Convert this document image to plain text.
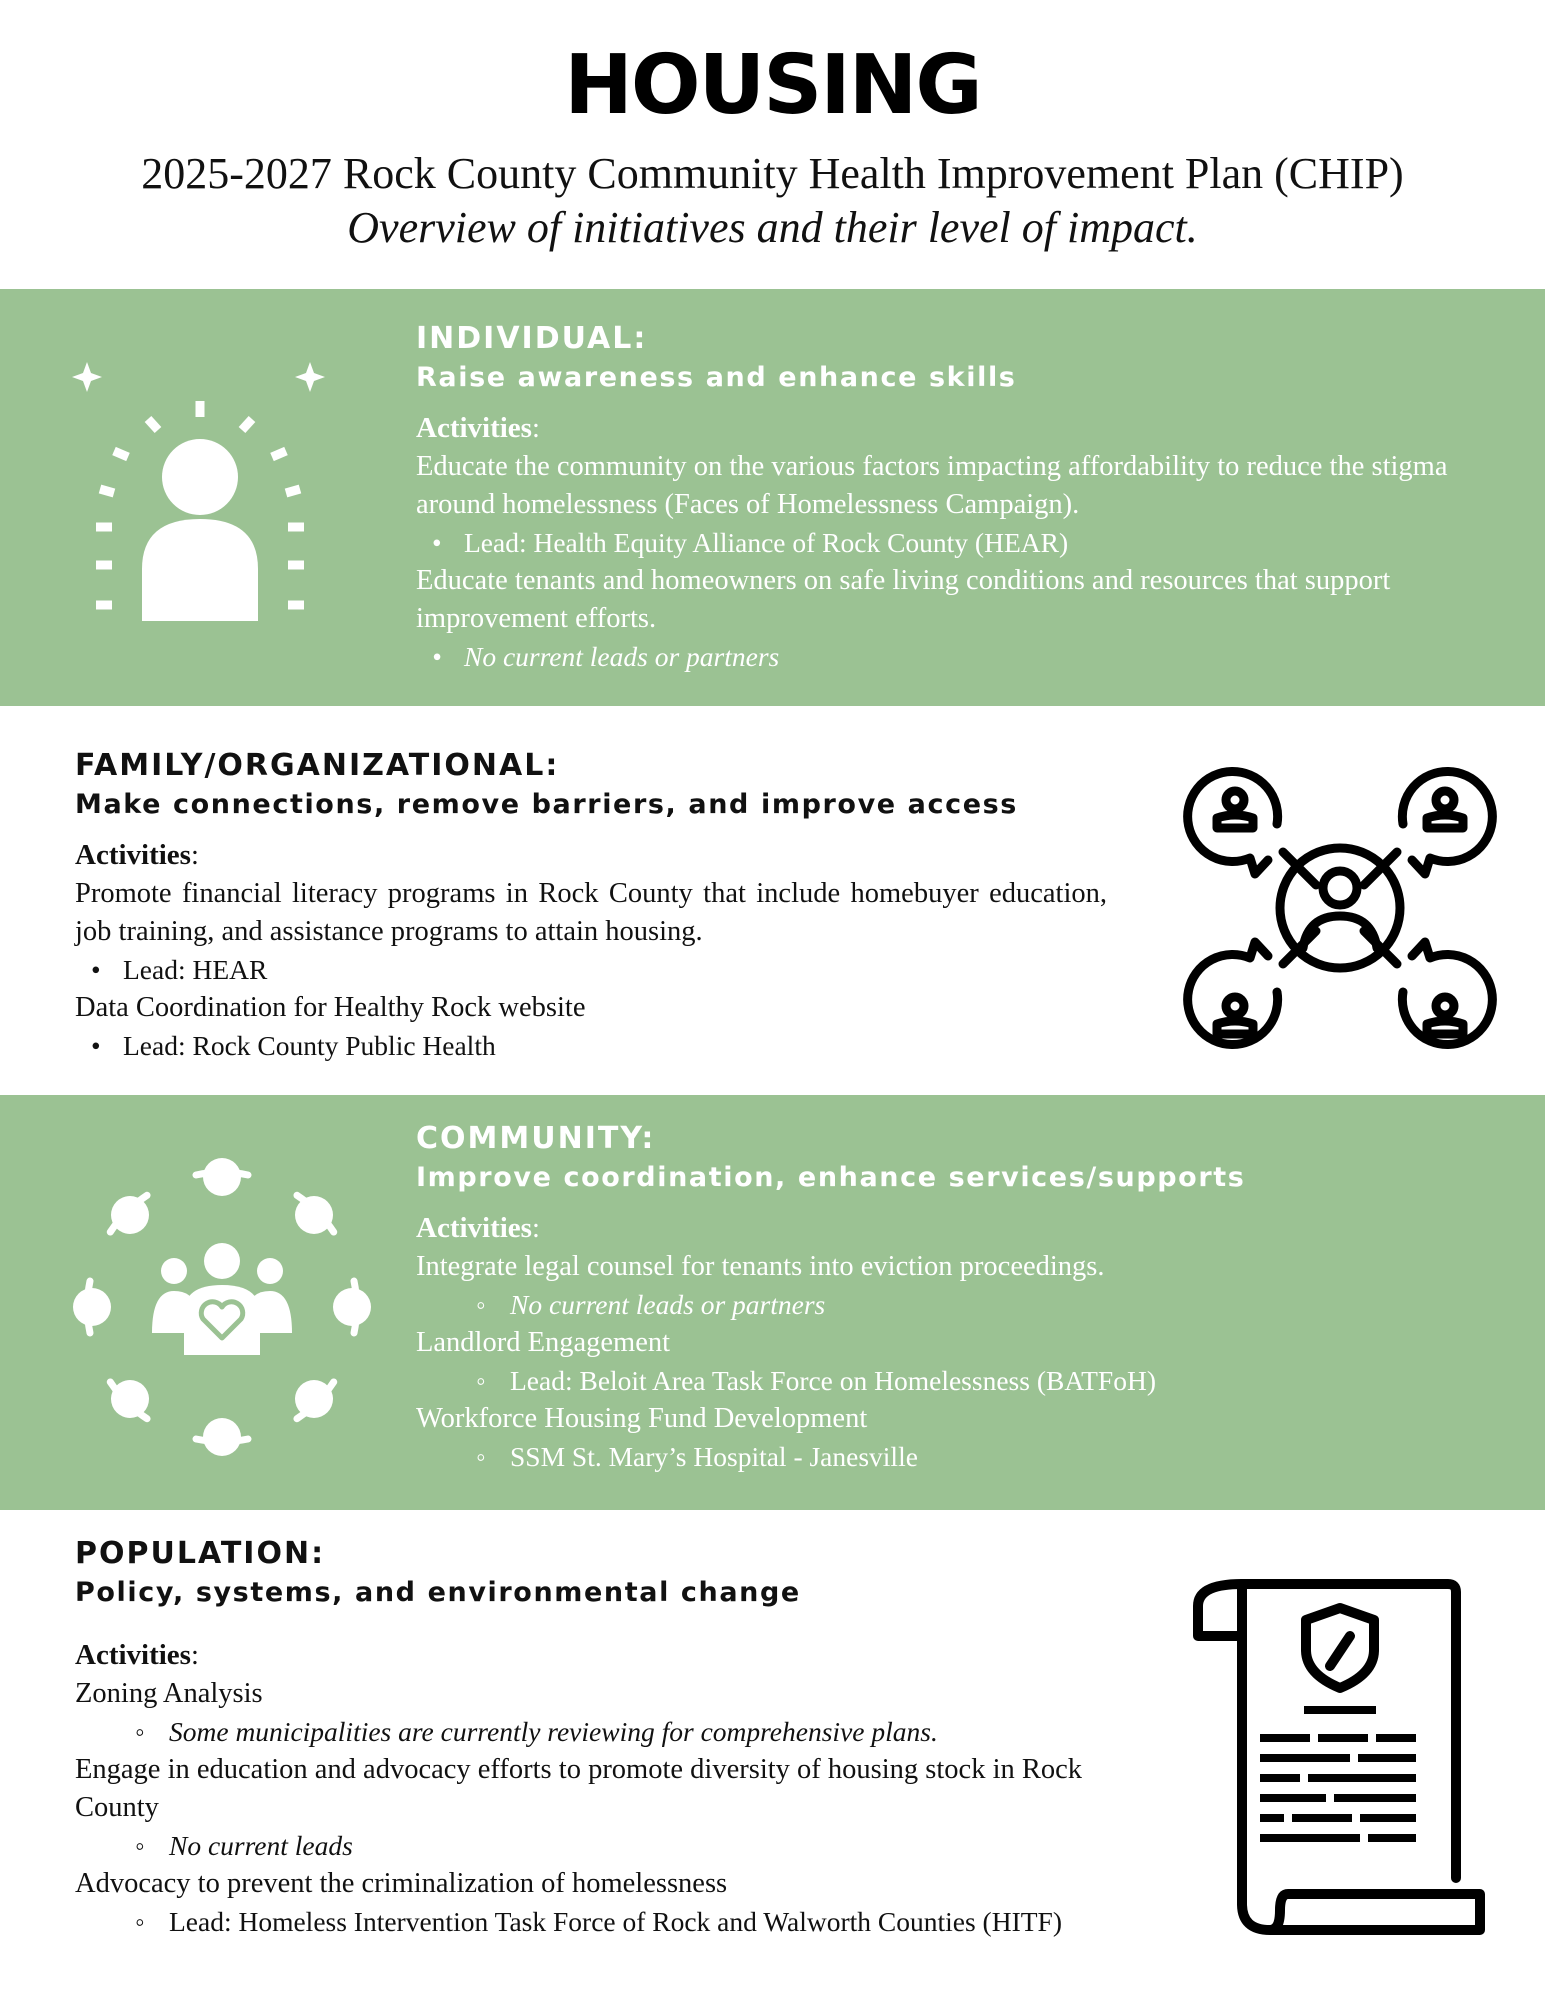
HOUSING
2025-2027 Rock County Community Health Improvement Plan (CHIP)
Overview of initiatives and their level of impact.
INDIVIDUAL:
Raise awareness and enhance skills
Activities:
Educate the community on the various factors impacting affordability to reduce the stigma around homelessness (Faces of Homelessness Campaign).
• Lead: Health Equity Alliance of Rock County (HEAR)
Educate tenants and homeowners on safe living conditions and resources that support improvement efforts.
• No current leads or partners
FAMILY/ORGANIZATIONAL:
Make connections, remove barriers, and improve access
Activities:
Promote financial literacy programs in Rock County that include homebuyer education, job training, and assistance programs to attain housing.
• Lead: HEAR
Data Coordination for Healthy Rock website
• Lead: Rock County Public Health
COMMUNITY:
Improve coordination, enhance services/supports
Activities:
Integrate legal counsel for tenants into eviction proceedings.
◦ No current leads or partners
Landlord Engagement
◦ Lead: Beloit Area Task Force on Homelessness (BATFoH)
Workforce Housing Fund Development
◦ SSM St. Mary’s Hospital - Janesville
POPULATION:
Policy, systems, and environmental change
Activities:
Zoning Analysis
◦ Some municipalities are currently reviewing for comprehensive plans.
Engage in education and advocacy efforts to promote diversity of housing stock in Rock County
◦ No current leads
Advocacy to prevent the criminalization of homelessness
◦ Lead: Homeless Intervention Task Force of Rock and Walworth Counties (HITF)
